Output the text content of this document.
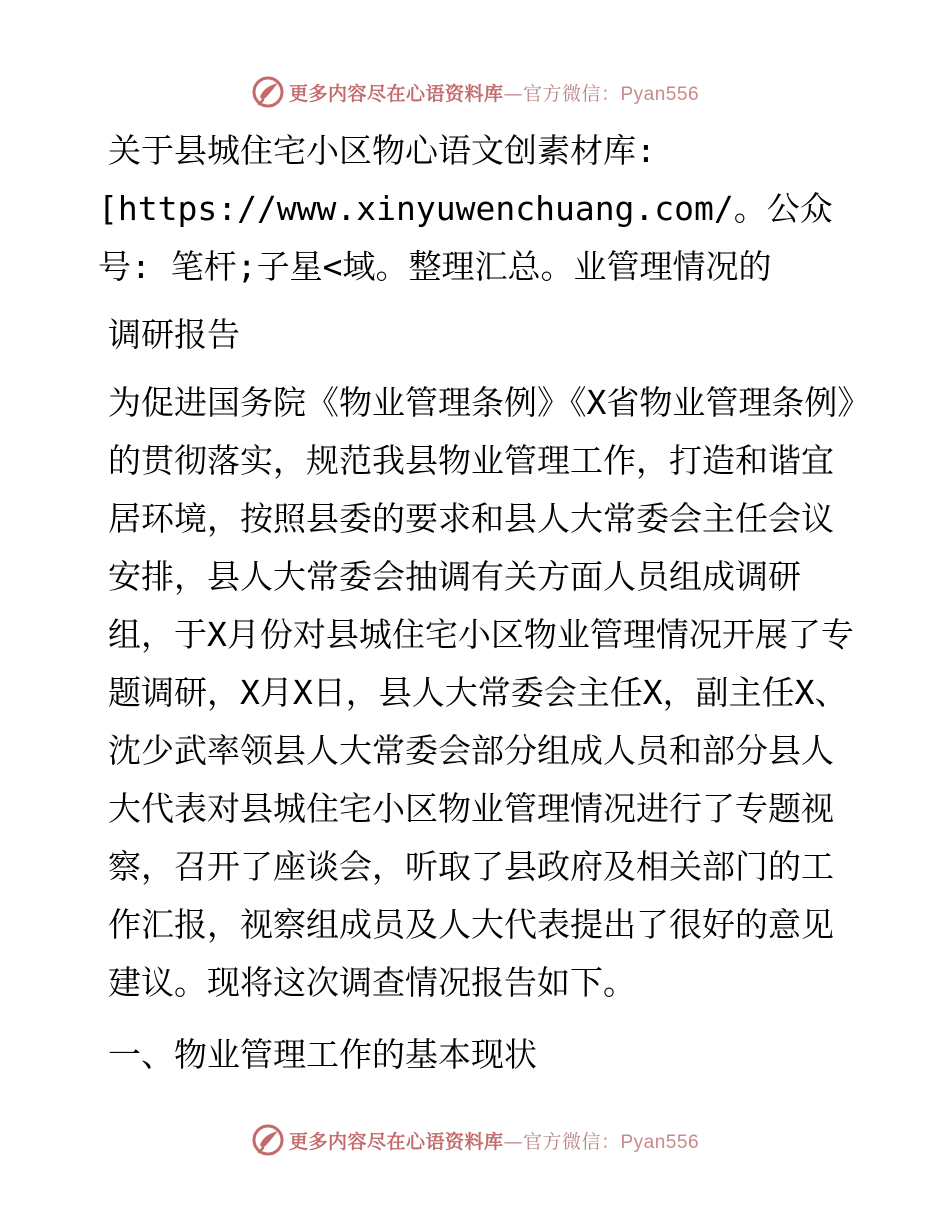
更多内容尽在心语资料库—官方微信：Pyan556

关于县城住宅小区物心语文创素材库:

[https://www.xinyuwenchuang.com/。公众号: 笔杆;子星<域。整理汇总。业管理情况的

调研报告

为促进国务院《物业管理条例》《X省物业管理条例》的贯彻落实，规范我县物业管理工作，打造和谐宜居环境，按照县委的要求和县人大常委会主任会议安排，县人大常委会抽调有关方面人员组成调研组，于X月份对县城住宅小区物业管理情况开展了专题调研，X月X日，县人大常委会主任X，副主任X、沈少武率领县人大常委会部分组成人员和部分县人大代表对县城住宅小区物业管理情况进行了专题视察，召开了座谈会，听取了县政府及相关部门的工作汇报，视察组成员及人大代表提出了很好的意见建议。现将这次调查情况报告如下。

一、物业管理工作的基本现状

更多内容尽在心语资料库—官方微信：Pyan556
